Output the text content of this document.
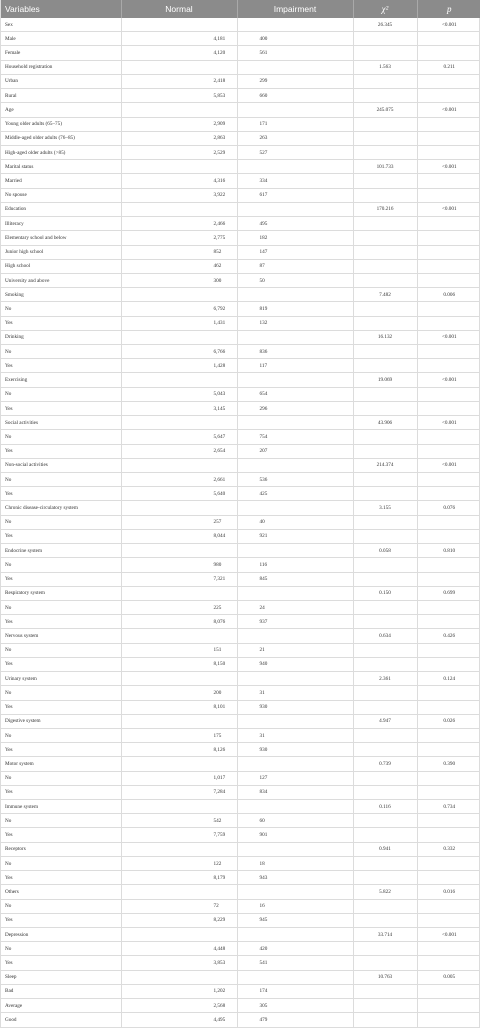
Variables	Normal	Impairment	χ²	p
Sex			26.345	<0.001
Male	4,181	400		
Female	4,120	561		
Household registration			1.563	0.211
Urban	2,418	299		
Rural	5,853	660		
Age			245.075	<0.001
Young older adults (65–75)	2,909	171		
Middle-aged older adults (76–85)	2,863	263		
High-aged older adults (>85)	2,529	527		
Marital status			101.733	<0.001
Married	4,316	334		
No spouse	3,922	617		
Education			170.216	<0.001
Illiteracy	2,466	495		
Elementary school and below	2,775	182		
Junior high school	852	147		
High school	462	87		
University and above	300	50		
Smoking			7.482	0.006
No	6,792	819		
Yes	1,431	132		
Drinking			16.132	<0.001
No	6,766	836		
Yes	1,428	117		
Exercising			19.069	<0.001
No	5,043	654		
Yes	3,145	296		
Social activities			43.906	<0.001
No	5,647	754		
Yes	2,654	207		
Non-social activities			214.374	<0.001
No	2,661	536		
Yes	5,640	425		
Chronic disease-circulatory system			3.155	0.076
No	257	40		
Yes	8,044	921		
Endocrine system			0.058	0.810
No	980	116		
Yes	7,321	845		
Respiratory system			0.150	0.699
No	225	24		
Yes	8,076	937		
Nervous system			0.634	0.426
No	151	21		
Yes	8,150	940		
Urinary system			2.361	0.124
No	200	31		
Yes	8,101	930		
Digestive system			4.947	0.026
No	175	31		
Yes	8,126	930		
Motor system			0.739	0.390
No	1,017	127		
Yes	7,284	834		
Immune system			0.116	0.734
No	542	60		
Yes	7,759	901		
Receptors			0.941	0.332
No	122	18		
Yes	8,179	943		
Others			5.822	0.016
No	72	16		
Yes	8,229	945		
Depression			33.714	<0.001
No	4,448	420		
Yes	3,853	541		
Sleep			10.763	0.005
Bad	1,202	174		
Average	2,568	305		
Good	4,495	479		
